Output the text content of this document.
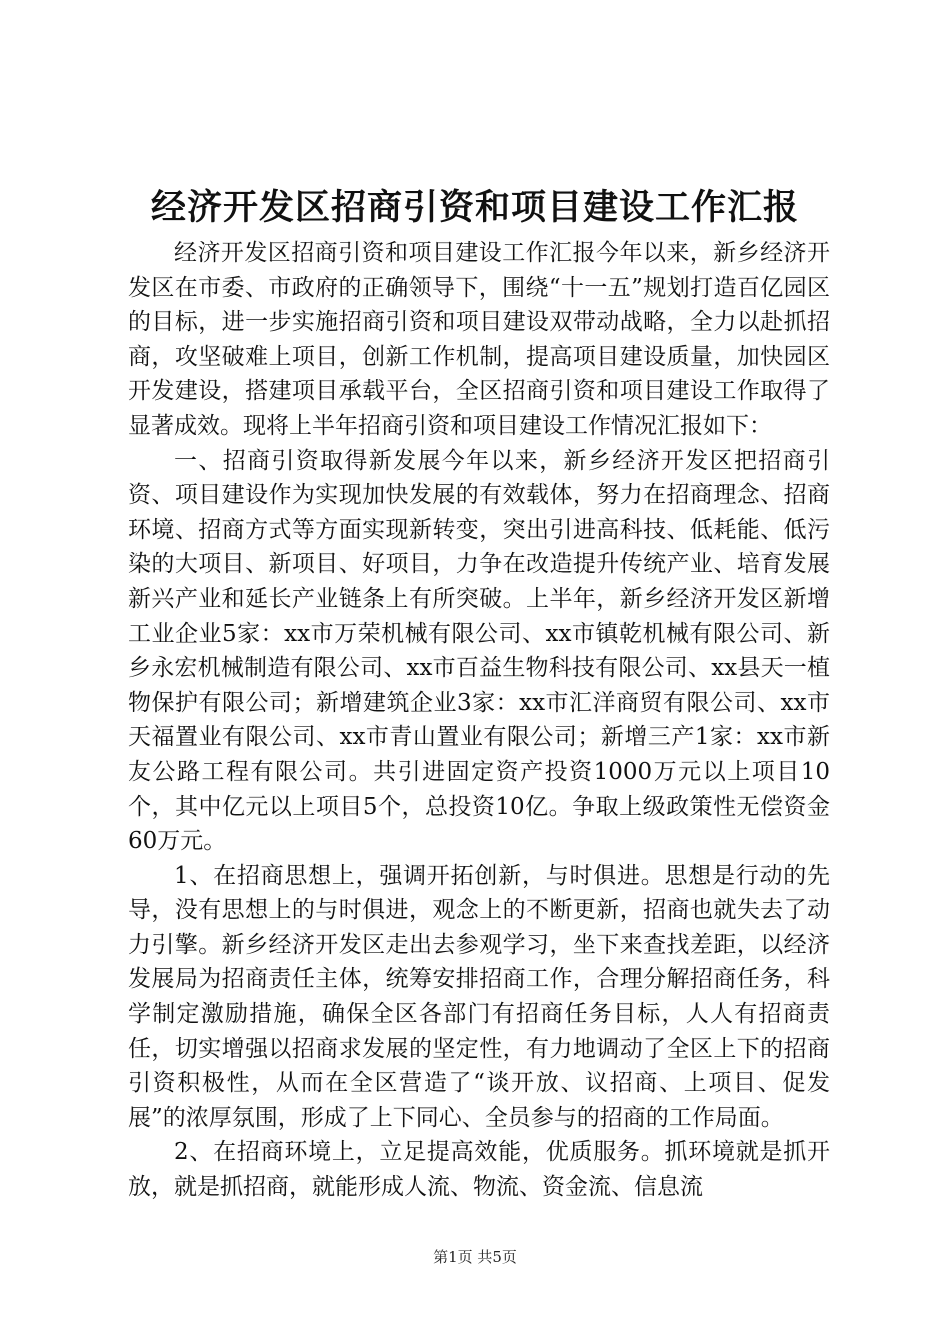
经济开发区招商引资和项目建设工作汇报

经济开发区招商引资和项目建设工作汇报今年以来，新乡经济开发区在市委、市政府的正确领导下，围绕“十一五”规划打造百亿园区的目标，进一步实施招商引资和项目建设双带动战略，全力以赴抓招商，攻坚破难上项目，创新工作机制，提高项目建设质量，加快园区开发建设，搭建项目承载平台，全区招商引资和项目建设工作取得了显著成效。现将上半年招商引资和项目建设工作情况汇报如下：

一、招商引资取得新发展今年以来，新乡经济开发区把招商引资、项目建设作为实现加快发展的有效载体，努力在招商理念、招商环境、招商方式等方面实现新转变，突出引进高科技、低耗能、低污染的大项目、新项目、好项目，力争在改造提升传统产业、培育发展新兴产业和延长产业链条上有所突破。上半年，新乡经济开发区新增工业企业5家：xx市万荣机械有限公司、xx市镇乾机械有限公司、新乡永宏机械制造有限公司、xx市百益生物科技有限公司、xx县天一植物保护有限公司；新增建筑企业3家：xx市汇洋商贸有限公司、xx市天福置业有限公司、xx市青山置业有限公司；新增三产1家：xx市新友公路工程有限公司。共引进固定资产投资1000万元以上项目10个，其中亿元以上项目5个，总投资10亿。争取上级政策性无偿资金60万元。

1、在招商思想上，强调开拓创新，与时俱进。思想是行动的先导，没有思想上的与时俱进，观念上的不断更新，招商也就失去了动力引擎。新乡经济开发区走出去参观学习，坐下来查找差距，以经济发展局为招商责任主体，统筹安排招商工作，合理分解招商任务，科学制定激励措施，确保全区各部门有招商任务目标，人人有招商责任，切实增强以招商求发展的坚定性，有力地调动了全区上下的招商引资积极性，从而在全区营造了“谈开放、议招商、上项目、促发展”的浓厚氛围，形成了上下同心、全员参与的招商的工作局面。

2、在招商环境上，立足提高效能，优质服务。抓环境就是抓开放，就是抓招商，就能形成人流、物流、资金流、信息流

第1页 共5页
